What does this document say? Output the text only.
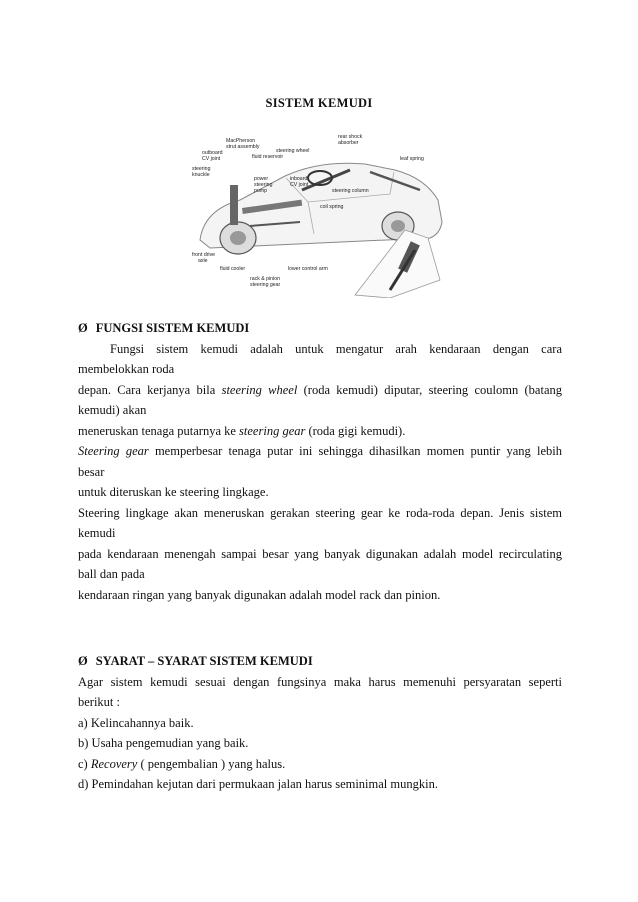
SISTEM KEMUDI
MacPherson
strut assembly
outboard
CV joint
steering
knuckle
fluid reservoir
steering wheel
rear shock
absorber
leaf spring
power
steering
pump
inboard
CV joint
steering column
coil spring
front drive
axle
fluid cooler
rack & pinion
steering gear
lower control arm
Ø FUNGSI SISTEM KEMUDI
Fungsi sistem kemudi adalah untuk mengatur arah kendaraan dengan cara
membelokkan roda
depan. Cara kerjanya bila steering wheel (roda kemudi) diputar, steering coulomn (batang
kemudi) akan
meneruskan tenaga putarnya ke steering gear (roda gigi kemudi).
Steering gear memperbesar tenaga putar ini sehingga dihasilkan momen puntir yang lebih
besar
untuk diteruskan ke steering lingkage.
Steering lingkage akan meneruskan gerakan steering gear ke roda-roda depan. Jenis sistem
kemudi
pada kendaraan menengah sampai besar yang banyak digunakan adalah model recirculating
ball dan pada
kendaraan ringan yang banyak digunakan adalah model rack dan pinion.
Ø SYARAT – SYARAT SISTEM KEMUDI
Agar sistem kemudi sesuai dengan fungsinya maka harus memenuhi persyaratan seperti
berikut :
a) Kelincahannya baik.
b) Usaha pengemudian yang baik.
c) Recovery ( pengembalian ) yang halus.
d) Pemindahan kejutan dari permukaan jalan harus seminimal mungkin.
